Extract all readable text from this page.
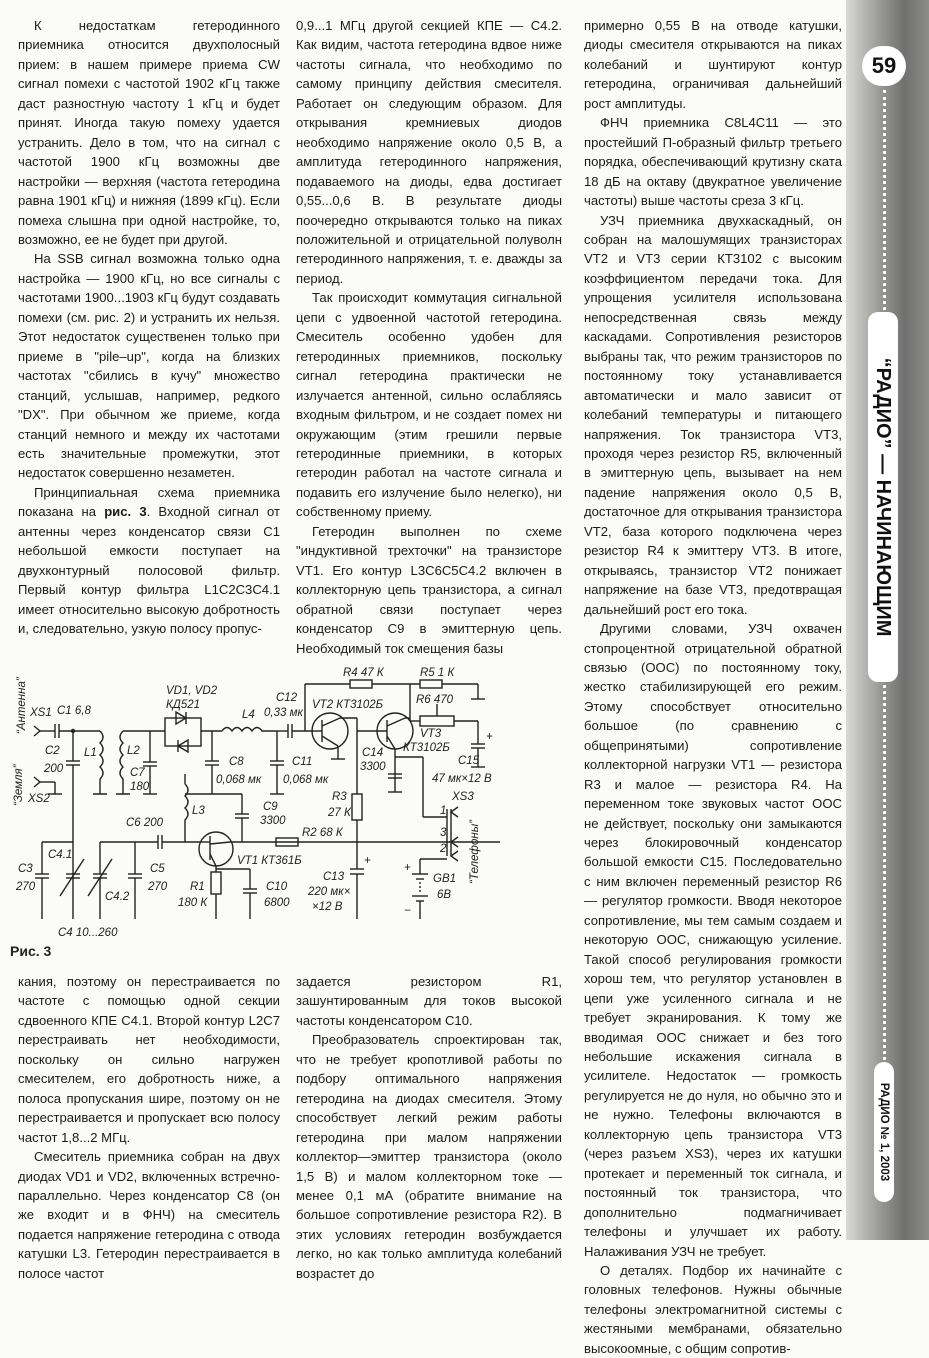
К недостаткам гетеродинного приемника относится двухполосный прием: в нашем примере приема CW сигнал помехи с частотой 1902 кГц также даст разностную частоту 1 кГц и будет принят. Иногда такую помеху удается устранить. Дело в том, что на сигнал с частотой 1900 кГц возможны две настройки — верхняя (частота гетеродина равна 1901 кГц) и нижняя (1899 кГц). Если помеха слышна при одной настройке, то, возможно, ее не будет при другой.

На SSB сигнал возможна только одна настройка — 1900 кГц, но все сигналы с частотами 1900...1903 кГц будут создавать помехи (см. рис. 2) и устранить их нельзя. Этот недостаток существенен только при приеме в "pile–up", когда на близких частотах "сбились в кучу" множество станций, услышав, например, редкого "DX". При обычном же приеме, когда станций немного и между их частотами есть значительные промежутки, этот недостаток совершенно незаметен.

Принципиальная схема приемника показана на рис. 3. Входной сигнал от антенны через конденсатор связи C1 небольшой емкости поступает на двухконтурный полосовой фильтр. Первый контур фильтра L1C2C3C4.1 имеет относительно высокую добротность и, следовательно, узкую полосу пропус-

0,9...1 МГц другой секцией КПЕ — C4.2. Как видим, частота гетеродина вдвое ниже частоты сигнала, что необходимо по самому принципу действия смесителя. Работает он следующим образом. Для открывания кремниевых диодов необходимо напряжение около 0,5 В, а амплитуда гетеродинного напряжения, подаваемого на диоды, едва достигает 0,55...0,6 В. В результате диоды поочередно открываются только на пиках положительной и отрицательной полуволн гетеродинного напряжения, т. е. дважды за период.

Так происходит коммутация сигнальной цепи с удвоенной частотой гетеродина. Смеситель особенно удобен для гетеродинных приемников, поскольку сигнал гетеродина практически не излучается антенной, сильно ослабляясь входным фильтром, и не создает помех ни окружающим (этим грешили первые гетеродинные приемники, в которых гетеродин работал на частоте сигнала и подавить его излучение было нелегко), ни собственному приему.

Гетеродин выполнен по схеме "индуктивной трехточки" на транзисторе VT1. Его контур L3C6C5C4.2 включен в коллекторную цепь транзистора, а сигнал обратной связи поступает через конденсатор C9 в эмиттерную цепь. Необходимый ток смещения базы

примерно 0,55 В на отводе катушки, диоды смесителя открываются на пиках колебаний и шунтируют контур гетеродина, ограничивая дальнейший рост амплитуды.

ФНЧ приемника C8L4C11 — это простейший П-образный фильтр третьего порядка, обеспечивающий крутизну ската 18 дБ на октаву (двукратное увеличение частоты) выше частоты среза 3 кГц.

УЗЧ приемника двухкаскадный, он собран на малошумящих транзисторах VT2 и VT3 серии КТ3102 с высоким коэффициентом передачи тока. Для упрощения усилителя использована непосредственная связь между каскадами. Сопротивления резисторов выбраны так, что режим транзисторов по постоянному току устанавливается автоматически и мало зависит от колебаний температуры и питающего напряжения. Ток транзистора VT3, проходя через резистор R5, включенный в эмиттерную цепь, вызывает на нем падение напряжения около 0,5 В, достаточное для открывания транзистора VT2, база которого подключена через резистор R4 к эмиттеру VT3. В итоге, открываясь, транзистор VT2 понижает напряжение на базе VT3, предотвращая дальнейший рост его тока.

Другими словами, УЗЧ охвачен стопроцентной отрицательной обратной связью (ООС) по постоянному току, жестко стабилизирующей его режим. Этому способствует относительно большое (по сравнению с общепринятыми) сопротивление коллекторной нагрузки VT1 — резистора R3 и малое — резистора R4. На переменном токе звуковых частот ООС не действует, поскольку они замыкаются через блокировочный конденсатор большой емкости C15. Последовательно с ним включен переменный резистор R6 — регулятор громкости. Вводя некоторое сопротивление, мы тем самым создаем и некоторую ООС, снижающую усиление. Такой способ регулирования громкости хорош тем, что регулятор установлен в цепи уже усиленного сигнала и не требует экранирования. К тому же вводимая ООС снижает и без того небольшие искажения сигнала в усилителе. Недостаток — громкость регулируется не до нуля, но обычно это и не нужно. Телефоны включаются в коллекторную цепь транзистора VT3 (через разъем XS3), через их катушки протекает и переменный ток сигнала, и постоянный ток транзистора, что дополнительно подмагничивает телефоны и улучшает их работу. Налаживания УЗЧ не требует.

О деталях. Подбор их начинайте с головных телефонов. Нужны обычные телефоны электромагнитной системы с жестяными мембранами, обязательно высокоомные, с общим сопротив-

кания, поэтому он перестраивается по частоте с помощью одной секции сдвоенного КПЕ C4.1. Второй контур L2C7 перестраивать нет необходимости, поскольку он сильно нагружен смесителем, его добротность ниже, а полоса пропускания шире, поэтому он не перестраивается и пропускает всю полосу частот 1,8...2 МГц.

Смеситель приемника собран на двух диодах VD1 и VD2, включенных встречно-параллельно. Через конденсатор C8 (он же входит и в ФНЧ) на смеситель подается напряжение гетеродина с отвода катушки L3. Гетеродин перестраивается в полосе частот

задается резистором R1, зашунтированным для токов высокой частоты конденсатором C10.

Преобразователь спроектирован так, что не требует кропотливой работы по подбору оптимального напряжения гетеродина на диодах смесителя. Этому способствует легкий режим работы гетеродина при малом напряжении коллектор—эмиттер транзистора (около 1,5 В) и малом коллекторном токе — менее 0,1 мА (обратите внимание на большое сопротивление резистора R2). В этих условиях гетеродин возбуждается легко, но как только амплитуда колебаний возрастет до

XS1
“Антенна”
“Земля” XS2
C1 6,8
C2
200
L1	L2
C7
180
VD1, VD2
КД521
L4
C12
0,33 мк
VT2 КТ3102Б
R4 47 К	R5 1 К
R6 470
VT3
КТ3102Б
C14
3300	C15
47 мк×12 В
C8
0,068 мк
C11
0,068 мк
L3	C9
3300
R3
27 К
XS3
“Телефоны”
1
3
2
C6 200
R2 68 К
VT1 КТ361Б
C3
270
C4.1
C4.2
C5
270 R1
180 К
C10
6800
C13
220 мк×
×12 В
GB1
6В
C4 10...260
+
+
+
−
Рис. 3
59
“РАДИО” — НАЧИНАЮЩИМ
РАДИО № 1, 2003
